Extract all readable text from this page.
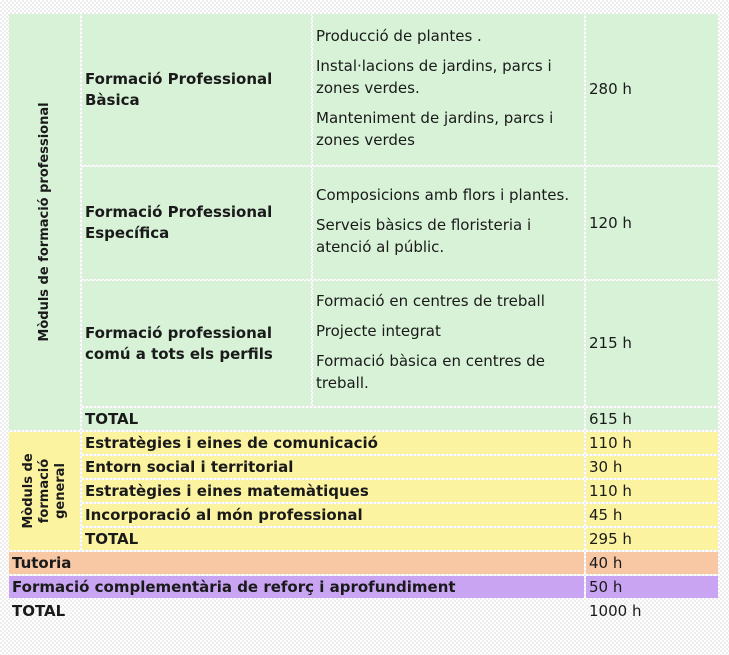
Mòduls de formació professional	Formació Professional Bàsica	Producció de plantes .
Instal·lacions de jardins, parcs i zones verdes.
Manteniment de jardins, parcs i zones verdes	280 h
	Formació Professional Específica	Composicions amb flors i plantes.
Serveis bàsics de floristeria i atenció al públic.	120 h
	Formació professional comú a tots els perfils	Formació en centres de treball
Projecte integrat
Formació bàsica en centres de treball.	215 h
	TOTAL		615 h

Mòduls de formació general	Estratègies i eines de comunicació		110 h
	Entorn social i territorial		30 h
	Estratègies i eines matemàtiques		110 h
	Incorporació al món professional		45 h
	TOTAL		295 h
Tutoria			40 h
Formació complementària de reforç i aprofundiment			50 h
TOTAL			1000 h
